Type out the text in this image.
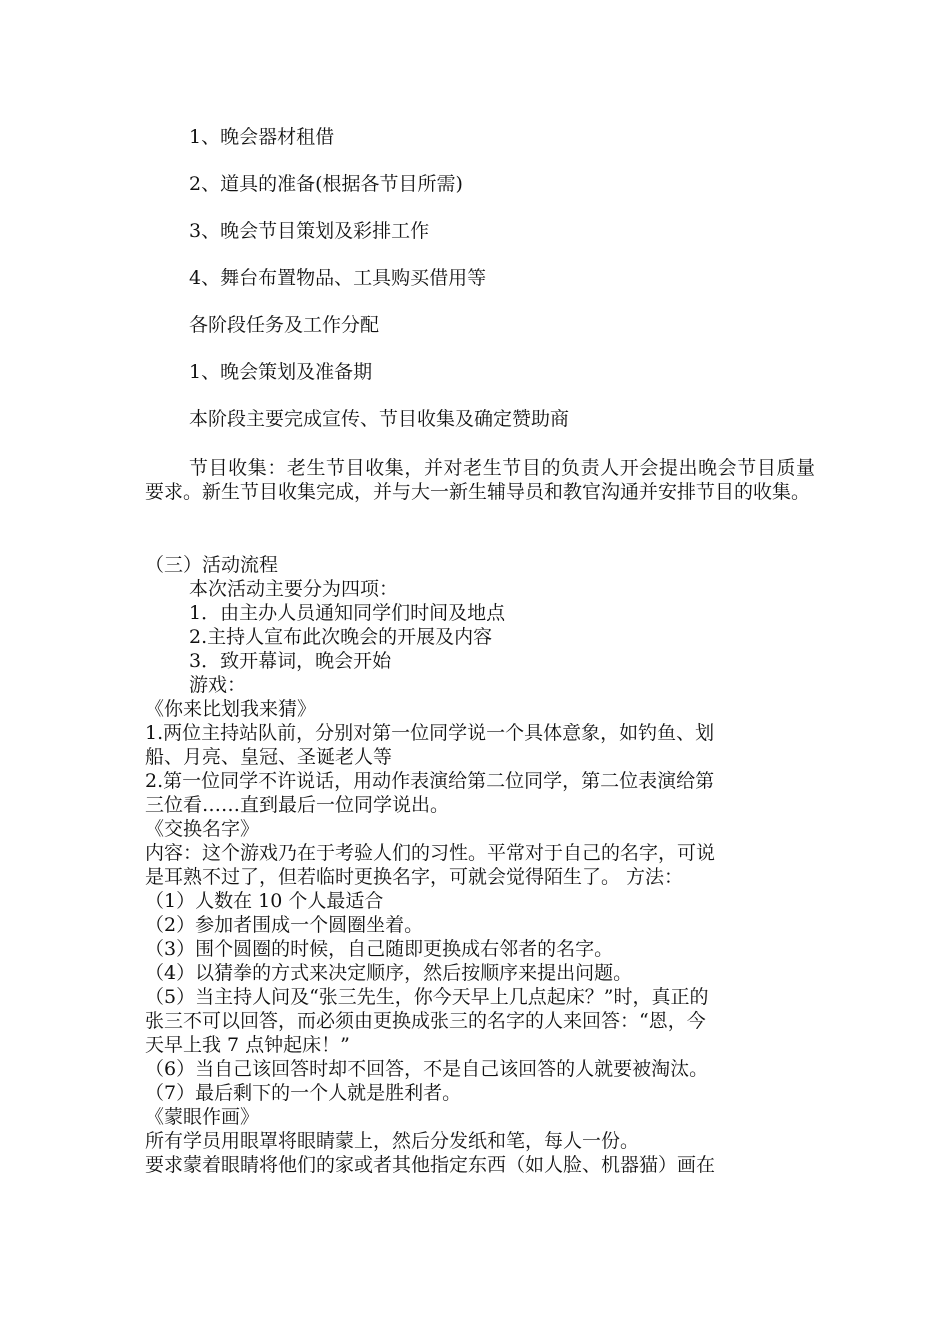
1、晚会器材租借

2、道具的准备(根据各节目所需)

3、晚会节目策划及彩排工作

4、舞台布置物品、工具购买借用等

各阶段任务及工作分配

1、晚会策划及准备期

本阶段主要完成宣传、节目收集及确定赞助商

节目收集：老生节目收集，并对老生节目的负责人开会提出晚会节目质量要求。新生节目收集完成，并与大一新生辅导员和教官沟通并安排节目的收集。

（三）活动流程

本次活动主要分为四项：

1．由主办人员通知同学们时间及地点

2.主持人宣布此次晚会的开展及内容

3．致开幕词，晚会开始

游戏：

《你来比划我来猜》
1.两位主持站队前，分别对第一位同学说一个具体意象，如钓鱼、划
船、月亮、皇冠、圣诞老人等
2.第一位同学不许说话，用动作表演给第二位同学，第二位表演给第
三位看……直到最后一位同学说出。
《交换名字》
内容：这个游戏乃在于考验人们的习性。平常对于自己的名字，可说
是耳熟不过了，但若临时更换名字，可就会觉得陌生了。 方法：
（1）人数在 10 个人最适合
（2）参加者围成一个圆圈坐着。
（3）围个圆圈的时候，自己随即更换成右邻者的名字。
（4）以猜拳的方式来决定顺序，然后按顺序来提出问题。
（5）当主持人问及“张三先生，你今天早上几点起床？”时，真正的
张三不可以回答，而必须由更换成张三的名字的人来回答：“恩，今
天早上我 7 点钟起床！”
（6）当自己该回答时却不回答，不是自己该回答的人就要被淘汰。
（7）最后剩下的一个人就是胜利者。
《蒙眼作画》
所有学员用眼罩将眼睛蒙上，然后分发纸和笔，每人一份。
要求蒙着眼睛将他们的家或者其他指定东西（如人脸、机器猫）画在
